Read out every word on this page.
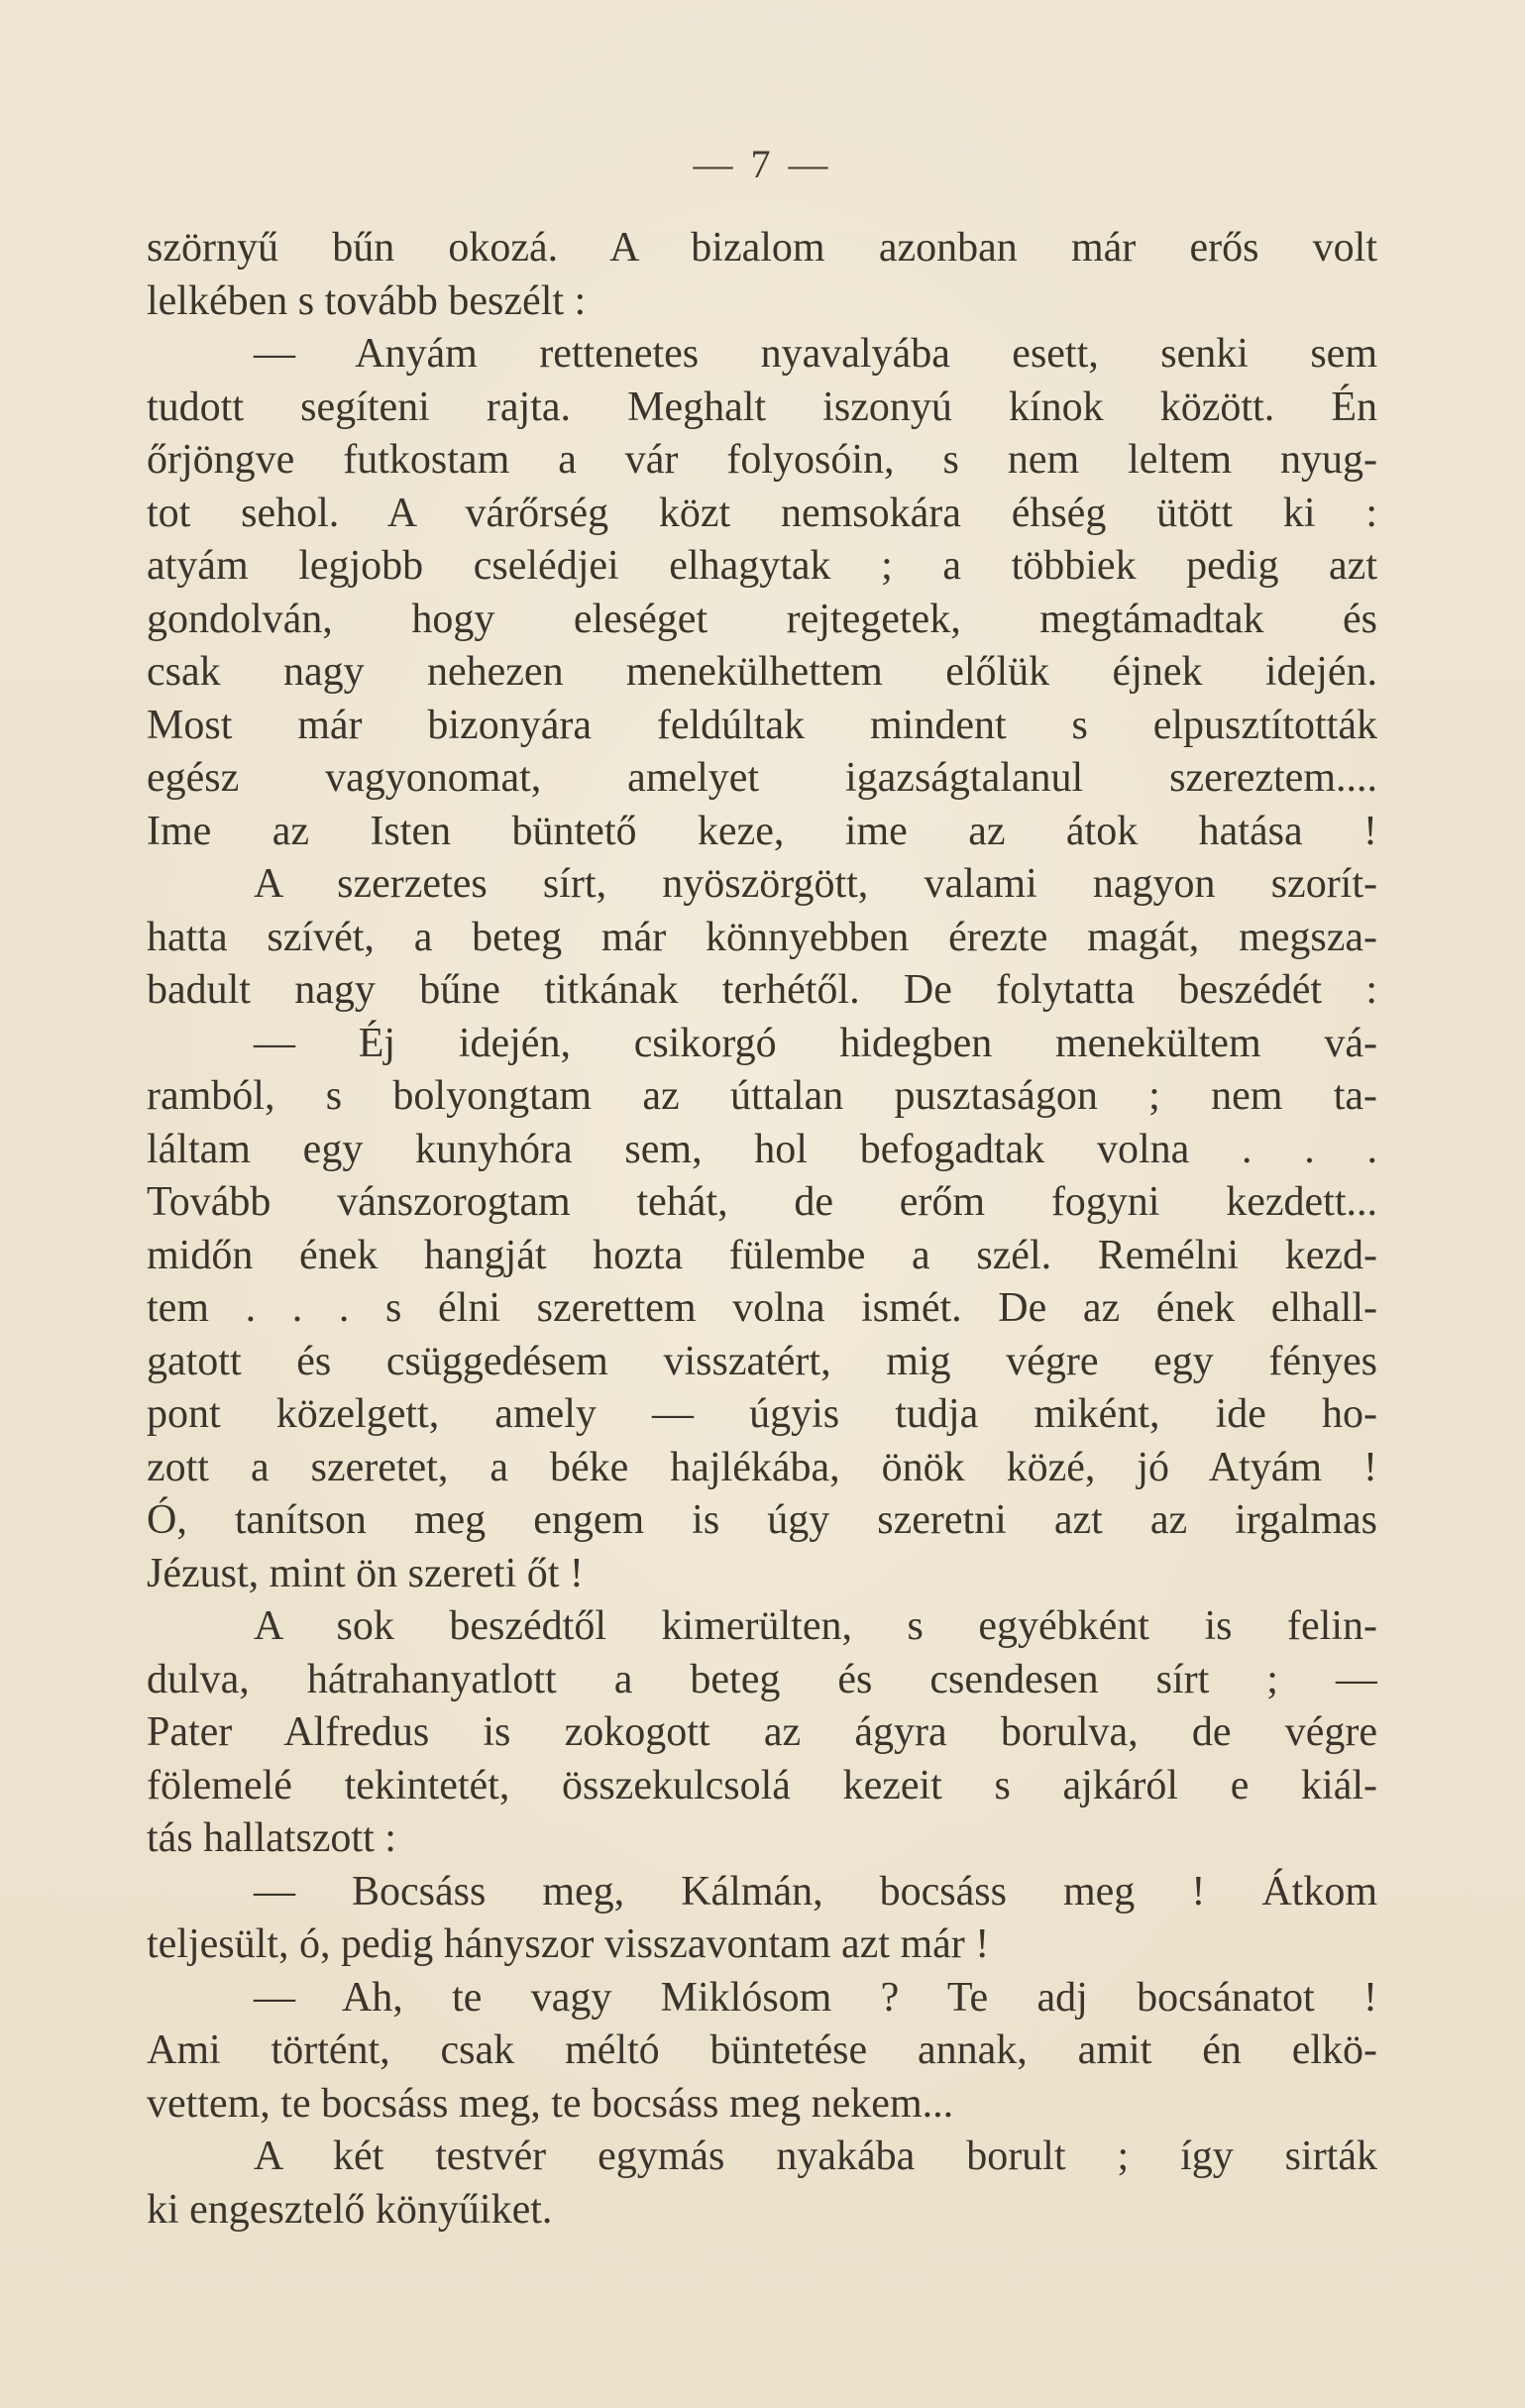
— 7 —
szörnyű bűn okozá. A bizalom azonban már erős volt
lelkében s tovább beszélt :
— Anyám rettenetes nyavalyába esett, senki sem
tudott segíteni rajta. Meghalt iszonyú kínok között. Én
őrjöngve futkostam a vár folyosóin, s nem leltem nyug-
tot sehol. A várőrség közt nemsokára éhség ütött ki :
atyám legjobb cselédjei elhagytak ; a többiek pedig azt
gondolván, hogy eleséget rejtegetek, megtámadtak és
csak nagy nehezen menekülhettem előlük éjnek idején.
Most már bizonyára feldúltak mindent s elpusztították
egész vagyonomat, amelyet igazságtalanul szereztem....
Ime az Isten büntető keze, ime az átok hatása !
A szerzetes sírt, nyöszörgött, valami nagyon szorít-
hatta szívét, a beteg már könnyebben érezte magát, megsza-
badult nagy bűne titkának terhétől. De folytatta beszédét :
— Éj idején, csikorgó hidegben menekültem vá-
ramból, s bolyongtam az úttalan pusztaságon ; nem ta-
láltam egy kunyhóra sem, hol befogadtak volna . . .
Tovább vánszorogtam tehát, de erőm fogyni kezdett...
midőn ének hangját hozta fülembe a szél. Remélni kezd-
tem . . . s élni szerettem volna ismét. De az ének elhall-
gatott és csüggedésem visszatért, mig végre egy fényes
pont közelgett, amely — úgyis tudja miként, ide ho-
zott a szeretet, a béke hajlékába, önök közé, jó Atyám !
Ó, tanítson meg engem is úgy szeretni azt az irgalmas
Jézust, mint ön szereti őt !
A sok beszédtől kimerülten, s egyébként is felin-
dulva, hátrahanyatlott a beteg és csendesen sírt ; —
Pater Alfredus is zokogott az ágyra borulva, de végre
fölemelé tekintetét, összekulcsolá kezeit s ajkáról e kiál-
tás hallatszott :
— Bocsáss meg, Kálmán, bocsáss meg ! Átkom
teljesült, ó, pedig hányszor visszavontam azt már !
— Ah, te vagy Miklósom ? Te adj bocsánatot !
Ami történt, csak méltó büntetése annak, amit én elkö-
vettem, te bocsáss meg, te bocsáss meg nekem...
A két testvér egymás nyakába borult ; így sirták
ki engesztelő könyűiket.
